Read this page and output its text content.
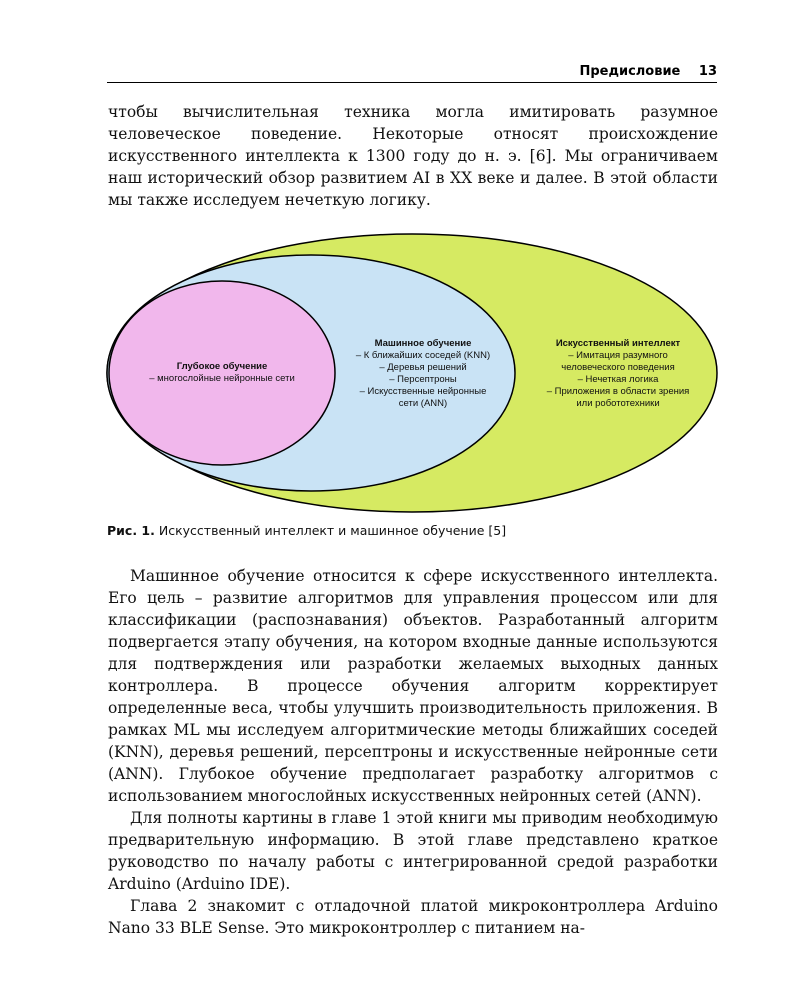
Предисловие 13

чтобы вычислительная техника могла имитировать разумное человеческое поведение. Некоторые относят происхождение искусственного интеллекта к 1300 году до н. э. [6]. Мы ограничиваем наш исторический обзор развитием AI в XX веке и далее. В этой области мы также исследуем нечеткую логику.

Глубокое обучение
– многослойные нейронные сети
Машинное обучение
– К ближайших соседей (KNN)
– Деревья решений
– Персептроны
– Искусственные нейронные
сети (ANN)
Искусственный интеллект
– Имитация разумного
человеческого поведения
– Нечеткая логика
– Приложения в области зрения
или робототехники
Рис. 1. Искусственный интеллект и машинное обучение [5]

Машинное обучение относится к сфере искусственного интеллекта. Его цель – развитие алгоритмов для управления процессом или для классификации (распознавания) объектов. Разработанный алгоритм подвергается этапу обучения, на котором входные данные используются для подтверждения или разработки желаемых выходных данных контроллера. В процессе обучения алгоритм корректирует определенные веса, чтобы улучшить производительность приложения. В рамках ML мы исследуем алгоритмические методы ближайших соседей (KNN), деревья решений, персептроны и искусственные нейронные сети (ANN). Глубокое обучение предполагает разработку алгоритмов с использованием многослойных искусственных нейронных сетей (ANN).

Для полноты картины в главе 1 этой книги мы приводим необходимую предварительную информацию. В этой главе представлено краткое руководство по началу работы с интегрированной средой разработки Arduino (Arduino IDE).

Глава 2 знакомит с отладочной платой микроконтроллера Arduino Nano 33 BLE Sense. Это микроконтроллер с питанием на-
